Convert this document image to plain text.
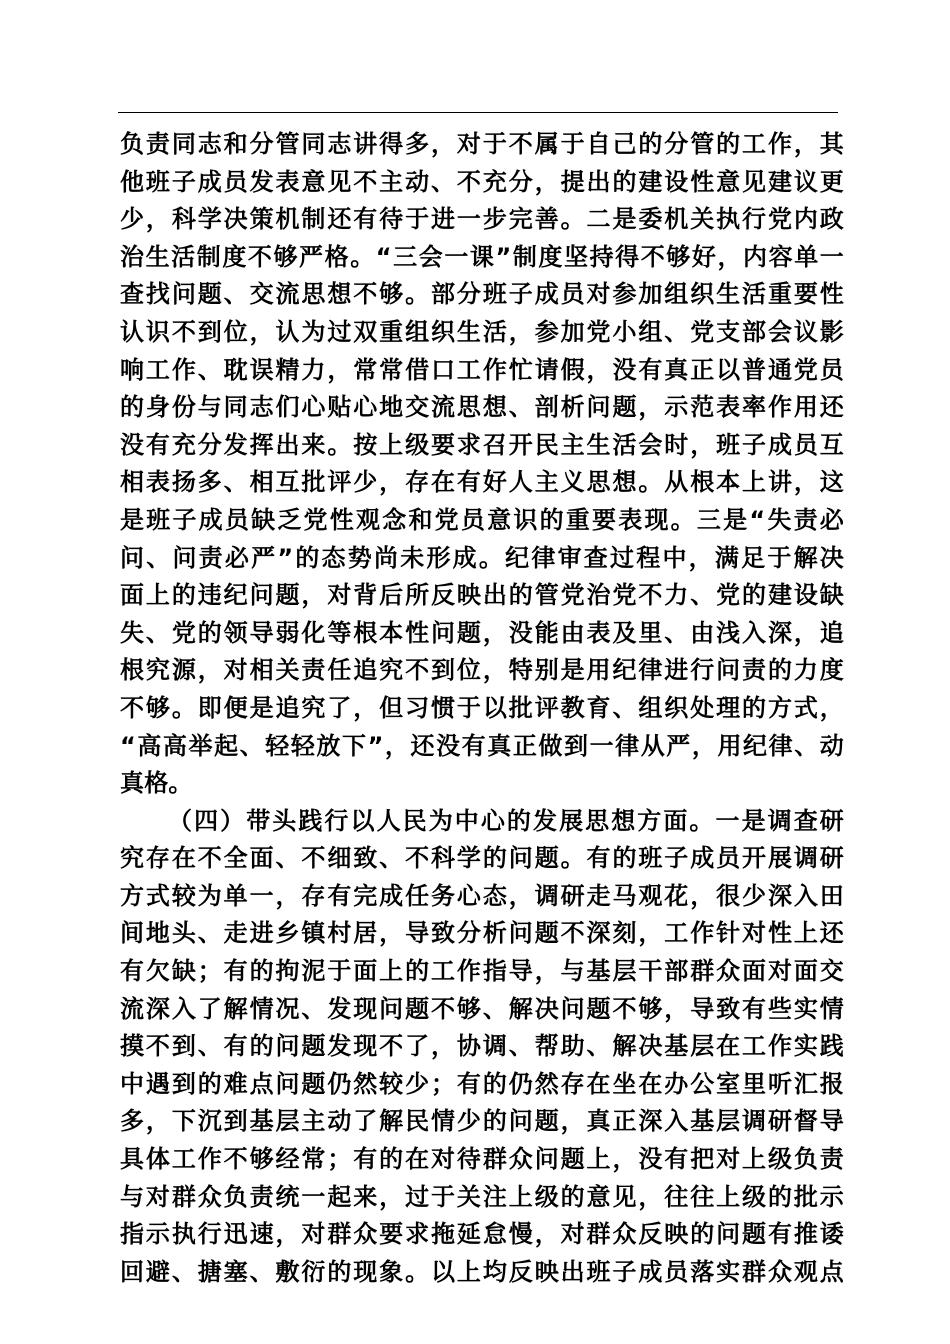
负责同志和分管同志讲得多，对于不属于自己的分管的工作，其
他班子成员发表意见不主动、不充分，提出的建设性意见建议更
少，科学决策机制还有待于进一步完善。二是委机关执行党内政
治生活制度不够严格。“三会一课”制度坚持得不够好，内容单一
查找问题、交流思想不够。部分班子成员对参加组织生活重要性
认识不到位，认为过双重组织生活，参加党小组、党支部会议影
响工作、耽误精力，常常借口工作忙请假，没有真正以普通党员
的身份与同志们心贴心地交流思想、剖析问题，示范表率作用还
没有充分发挥出来。按上级要求召开民主生活会时，班子成员互
相表扬多、相互批评少，存在有好人主义思想。从根本上讲，这
是班子成员缺乏党性观念和党员意识的重要表现。三是“失责必
问、问责必严”的态势尚未形成。纪律审查过程中，满足于解决
面上的违纪问题，对背后所反映出的管党治党不力、党的建设缺
失、党的领导弱化等根本性问题，没能由表及里、由浅入深，追
根究源，对相关责任追究不到位，特别是用纪律进行问责的力度
不够。即便是追究了，但习惯于以批评教育、组织处理的方式，
“高高举起、轻轻放下”，还没有真正做到一律从严，用纪律、动
真格。
（四）带头践行以人民为中心的发展思想方面。一是调查研
究存在不全面、不细致、不科学的问题。有的班子成员开展调研
方式较为单一，存有完成任务心态，调研走马观花，很少深入田
间地头、走进乡镇村居，导致分析问题不深刻，工作针对性上还
有欠缺；有的拘泥于面上的工作指导，与基层干部群众面对面交
流深入了解情况、发现问题不够、解决问题不够，导致有些实情
摸不到、有的问题发现不了，协调、帮助、解决基层在工作实践
中遇到的难点问题仍然较少；有的仍然存在坐在办公室里听汇报
多，下沉到基层主动了解民情少的问题，真正深入基层调研督导
具体工作不够经常；有的在对待群众问题上，没有把对上级负责
与对群众负责统一起来，过于关注上级的意见，往往上级的批示
指示执行迅速，对群众要求拖延怠慢，对群众反映的问题有推诿
回避、搪塞、敷衍的现象。以上均反映出班子成员落实群众观点
